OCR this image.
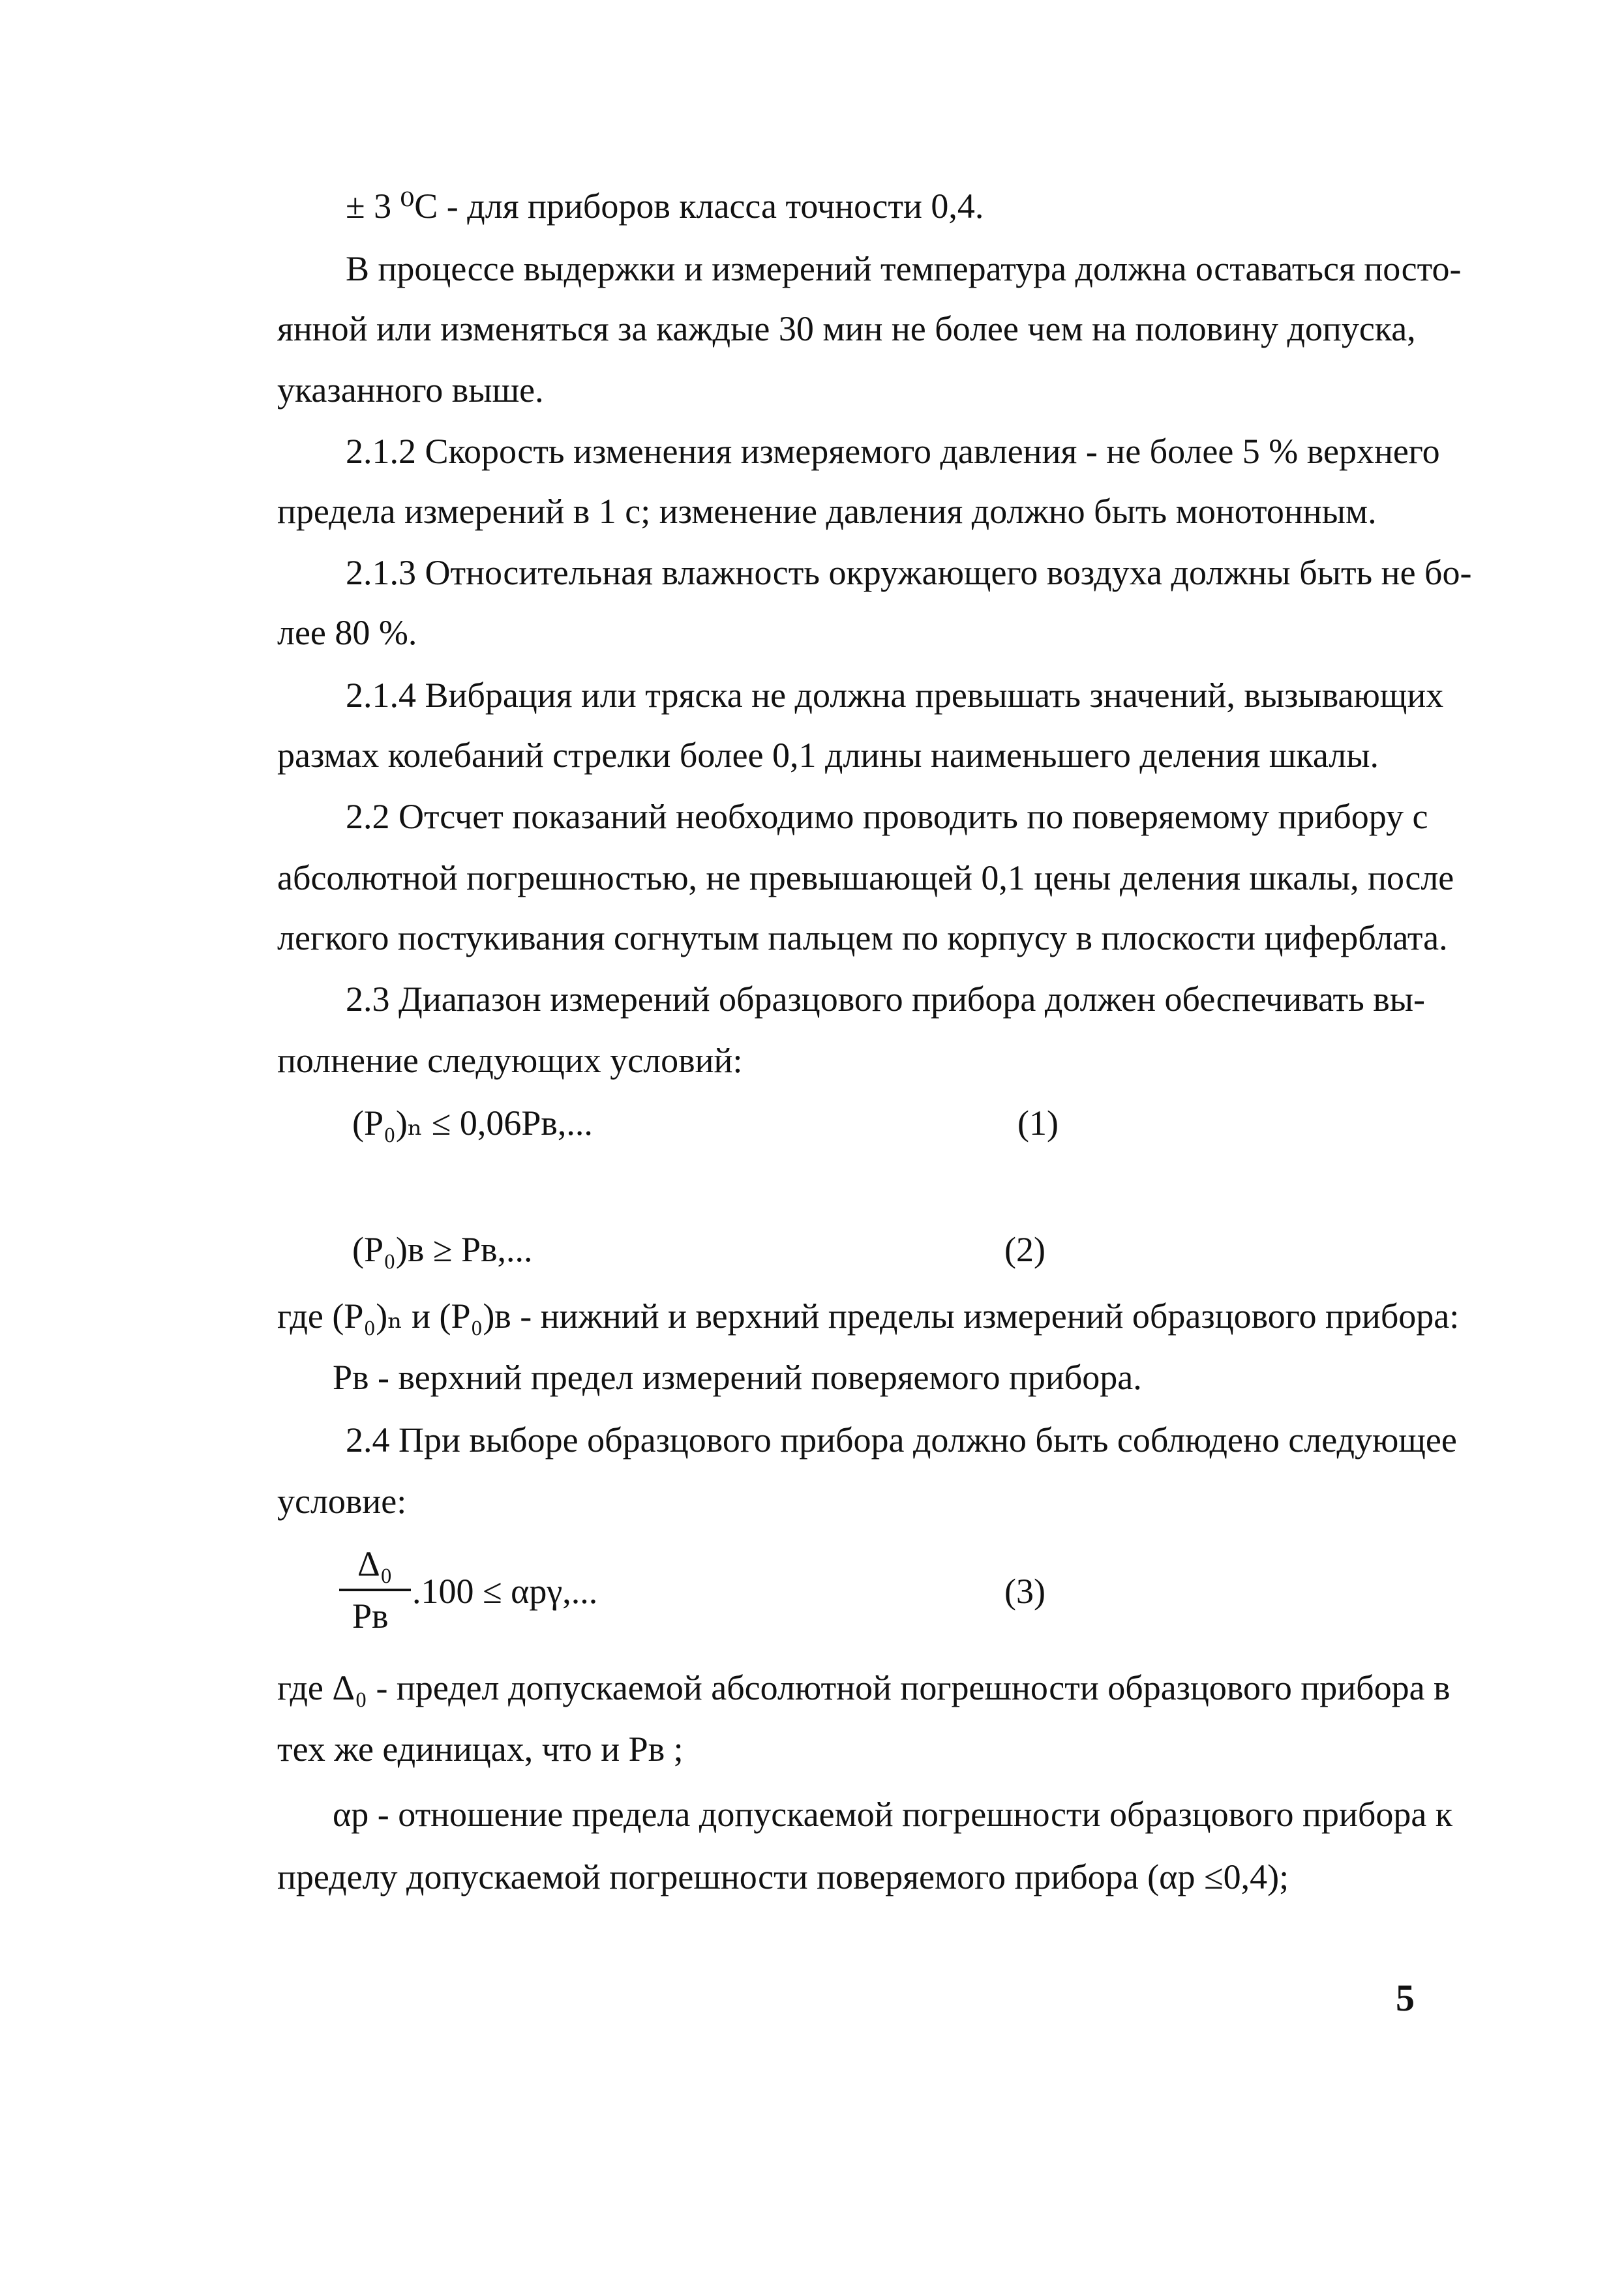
± 3 ⁰C - для приборов класса точности 0,4.
В процессе выдержки и измерений температура должна оставаться посто-
янной или изменяться за каждые 30 мин не более чем на половину допуска,
указанного выше.
2.1.2 Скорость изменения измеряемого давления - не более 5 % верхнего
предела измерений в 1 с; изменение давления должно быть монотонным.
2.1.3 Относительная влажность окружающего воздуха должны быть не бо-
лее 80 %.
2.1.4 Вибрация или тряска не должна превышать значений, вызывающих
размах колебаний стрелки более 0,1 длины наименьшего деления шкалы.
2.2 Отсчет показаний необходимо проводить по поверяемому прибору с
абсолютной погрешностью, не превышающей 0,1 цены деления шкалы, после
легкого постукивания согнутым пальцем по корпусу в плоскости циферблата.
2.3 Диапазон измерений образцового прибора должен обеспечивать вы-
полнение следующих условий:
(P₀)ₙ ≤ 0,06Pв,...	(1)
(P₀)в ≥ Pв,...	(2)
где (P₀)ₙ и (P₀)в - нижний и верхний пределы измерений образцового прибора:
Pв - верхний предел измерений поверяемого прибора.
2.4 При выборе образцового прибора должно быть соблюдено следующее
условие:
Δ₀
Pв
.100 ≤ αрγ,...	(3)
где Δ₀ - предел допускаемой абсолютной погрешности образцового прибора в
тех же единицах, что и Pв ;
αр - отношение предела допускаемой погрешности образцового прибора к
пределу допускаемой погрешности поверяемого прибора (αр ≤0,4);
5
